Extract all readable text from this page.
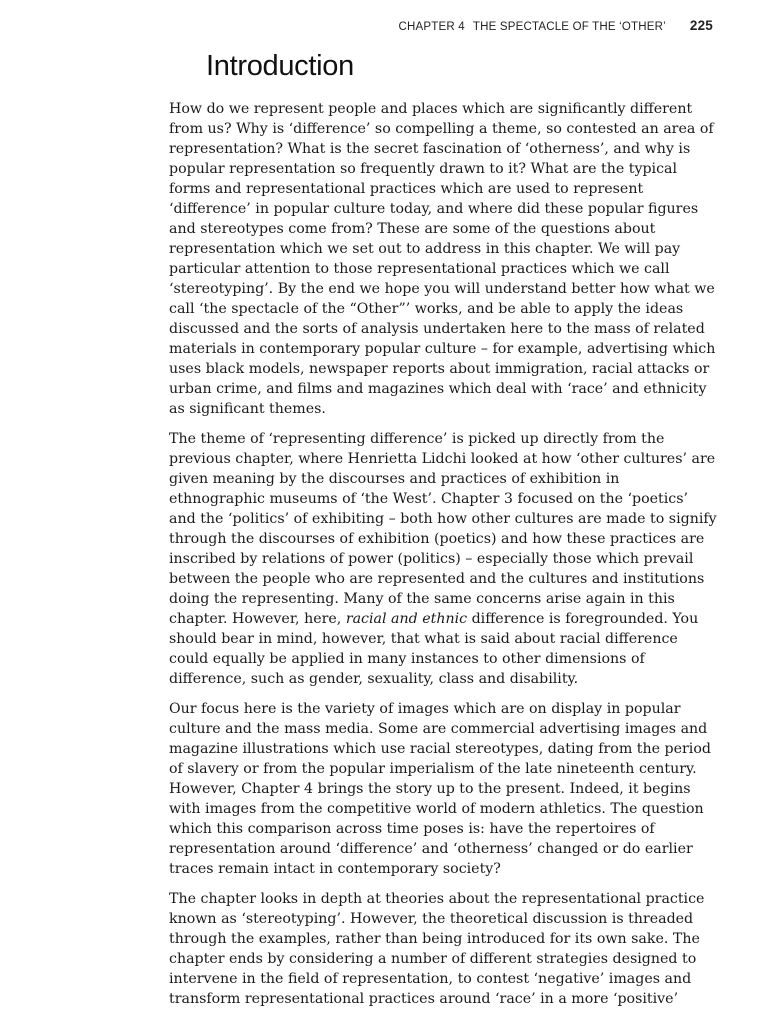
CHAPTER 4 THE SPECTACLE OF THE ‘OTHER’ 225
Introduction

How do we represent people and places which are significantly different from us? Why is ‘difference’ so compelling a theme, so contested an area of representation? What is the secret fascination of ‘otherness’, and why is popular representation so frequently drawn to it? What are the typical forms and representational practices which are used to represent ‘difference’ in popular culture today, and where did these popular figures and stereotypes come from? These are some of the questions about representation which we set out to address in this chapter. We will pay particular attention to those representational practices which we call ‘stereotyping’. By the end we hope you will understand better how what we call ‘the spectacle of the “Other”’ works, and be able to apply the ideas discussed and the sorts of analysis undertaken here to the mass of related materials in contemporary popular culture – for example, advertising which uses black models, newspaper reports about immigration, racial attacks or urban crime, and films and magazines which deal with ‘race’ and ethnicity as significant themes.

The theme of ‘representing difference’ is picked up directly from the previous chapter, where Henrietta Lidchi looked at how ‘other cultures’ are given meaning by the discourses and practices of exhibition in ethnographic museums of ‘the West’. Chapter 3 focused on the ‘poetics’ and the ‘politics’ of exhibiting – both how other cultures are made to signify through the discourses of exhibition (poetics) and how these practices are inscribed by relations of power (politics) – especially those which prevail between the people who are represented and the cultures and institutions doing the representing. Many of the same concerns arise again in this chapter. However, here, racial and ethnic difference is foregrounded. You should bear in mind, however, that what is said about racial difference could equally be applied in many instances to other dimensions of difference, such as gender, sexuality, class and disability.

Our focus here is the variety of images which are on display in popular culture and the mass media. Some are commercial advertising images and magazine illustrations which use racial stereotypes, dating from the period of slavery or from the popular imperialism of the late nineteenth century. However, Chapter 4 brings the story up to the present. Indeed, it begins with images from the competitive world of modern athletics. The question which this comparison across time poses is: have the repertoires of representation around ‘difference’ and ‘otherness’ changed or do earlier traces remain intact in contemporary society?

The chapter looks in depth at theories about the representational practice known as ‘stereotyping’. However, the theoretical discussion is threaded through the examples, rather than being introduced for its own sake. The chapter ends by considering a number of different strategies designed to intervene in the field of representation, to contest ‘negative’ images and transform representational practices around ‘race’ in a more ‘positive’
